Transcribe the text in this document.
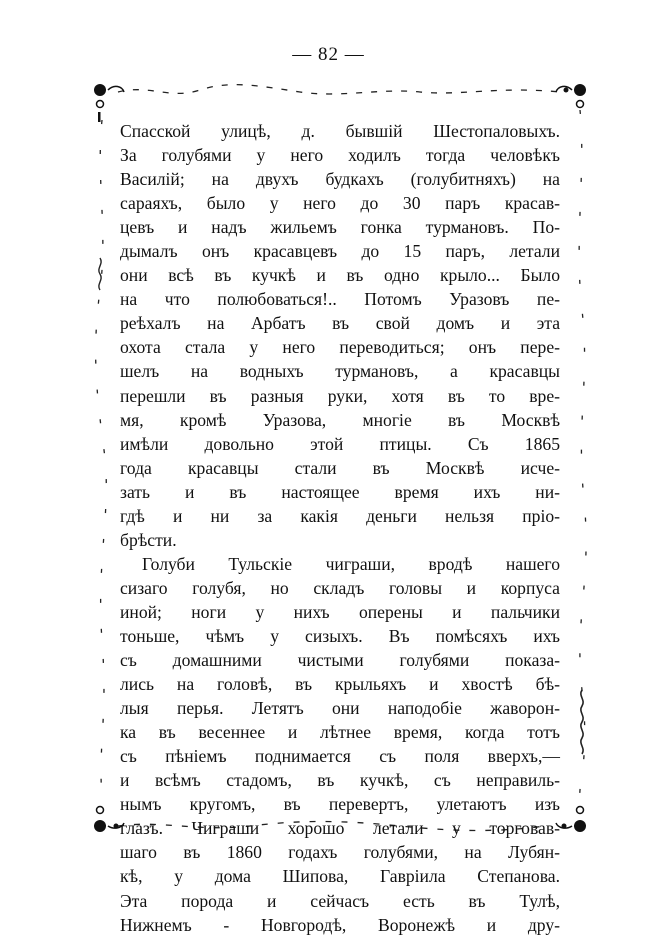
— 82 —

Спасской улицѣ, д. бывшій Шестопаловыхъ.
За голубями у него ходилъ тогда человѣкъ
Василій; на двухъ будкахъ (голубитняхъ) на
сараяхъ, было у него до 30 паръ красав-
цевъ и надъ жильемъ гонка турмановъ. По-
дымалъ онъ красавцевъ до 15 паръ, летали
они всѣ въ кучкѣ и въ одно крыло... Было
на что полюбоваться!.. Потомъ Уразовъ пе-
реѣхалъ на Арбатъ въ свой домъ и эта
охота стала у него переводиться; онъ пере-
шелъ на водныхъ турмановъ, а красавцы
перешли въ разныя руки, хотя въ то вре-
мя, кромѣ Уразова, многіе въ Москвѣ
имѣли довольно этой птицы. Съ 1865
года красавцы стали въ Москвѣ исче-
зать и въ настоящее время ихъ ни-
гдѣ и ни за какія деньги нельзя пріо-
брѣсти.

Голуби Тульскіе чиграши, вродѣ нашего
сизаго голубя, но складъ головы и корпуса
иной; ноги у нихъ оперены и пальчики
тоньше, чѣмъ у сизыхъ. Въ помѣсяхъ ихъ
съ домашними чистыми голубями показа-
лись на головѣ, въ крыльяхъ и хвостѣ бѣ-
лыя перья. Летятъ они наподобіе жаворон-
ка въ весеннее и лѣтнее время, когда тотъ
съ пѣніемъ поднимается съ поля вверхъ,—
и всѣмъ стадомъ, въ кучкѣ, съ неправиль-
нымъ кругомъ, въ перевертъ, улетаютъ изъ
глазъ. Чиграши хорошо летали у торговав-
шаго въ 1860 годахъ голубями, на Лубян-
кѣ, у дома Шипова, Гавріила Степанова.
Эта порода и сейчасъ есть въ Тулѣ,
Нижнемъ - Новгородѣ, Воронежѣ и дру-
